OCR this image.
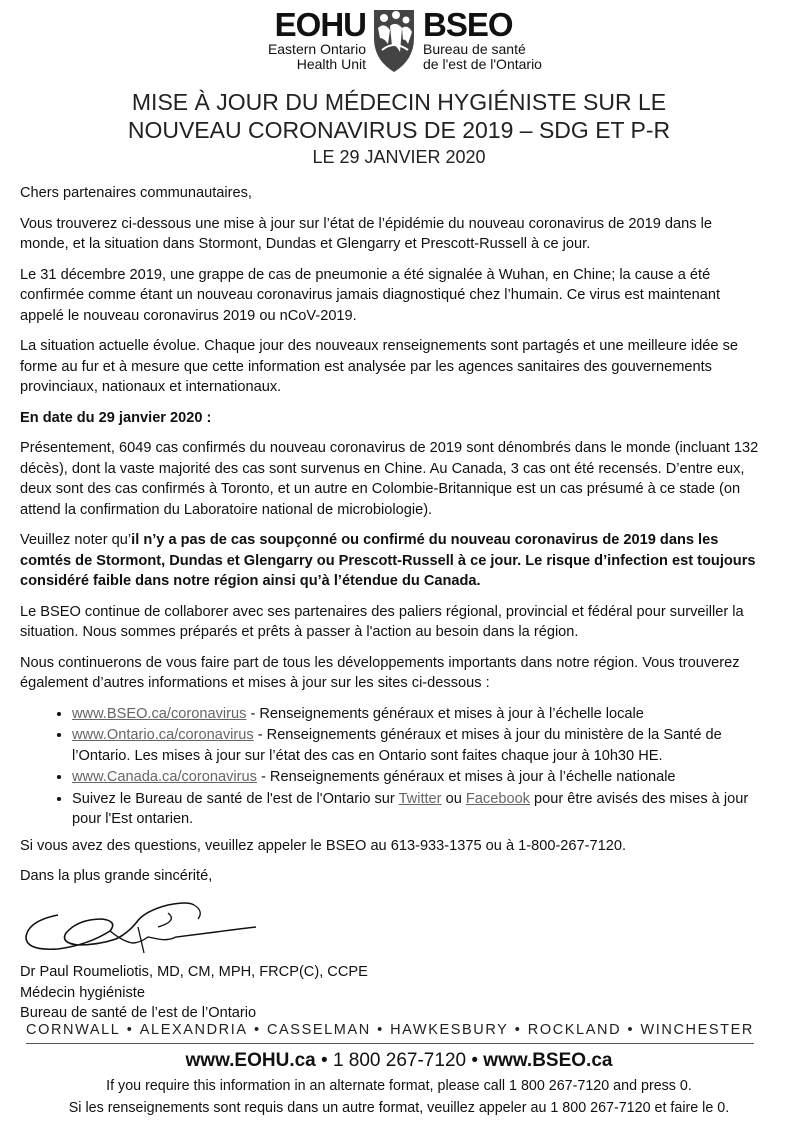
EOHU
Eastern Ontario
Health Unit
BSEO
Bureau de santé
de l'est de l'Ontario
MISE À JOUR DU MÉDECIN HYGIÉNISTE SUR LE
NOUVEAU CORONAVIRUS DE 2019 – SDG ET P-R
LE 29 JANVIER 2020

Chers partenaires communautaires,

Vous trouverez ci-dessous une mise à jour sur l’état de l’épidémie du nouveau coronavirus de 2019 dans le monde, et la situation dans Stormont, Dundas et Glengarry et Prescott-Russell à ce jour.

Le 31 décembre 2019, une grappe de cas de pneumonie a été signalée à Wuhan, en Chine; la cause a été confirmée comme étant un nouveau coronavirus jamais diagnostiqué chez l’humain. Ce virus est maintenant appelé le nouveau coronavirus 2019 ou nCoV-2019.

La situation actuelle évolue. Chaque jour des nouveaux renseignements sont partagés et une meilleure idée se forme au fur et à mesure que cette information est analysée par les agences sanitaires des gouvernements provinciaux, nationaux et internationaux.

En date du 29 janvier 2020 :

Présentement, 6049 cas confirmés du nouveau coronavirus de 2019 sont dénombrés dans le monde (incluant 132 décès), dont la vaste majorité des cas sont survenus en Chine. Au Canada, 3 cas ont été recensés. D’entre eux, deux sont des cas confirmés à Toronto, et un autre en Colombie-Britannique est un cas présumé à ce stade (on attend la confirmation du Laboratoire national de microbiologie).

Veuillez noter qu’il n’y a pas de cas soupçonné ou confirmé du nouveau coronavirus de 2019 dans les comtés de Stormont, Dundas et Glengarry ou Prescott-Russell à ce jour. Le risque d’infection est toujours considéré faible dans notre région ainsi qu’à l’étendue du Canada.

Le BSEO continue de collaborer avec ses partenaires des paliers régional, provincial et fédéral pour surveiller la situation. Nous sommes préparés et prêts à passer à l'action au besoin dans la région.

Nous continuerons de vous faire part de tous les développements importants dans notre région. Vous trouverez également d’autres informations et mises à jour sur les sites ci-dessous :

• www.BSEO.ca/coronavirus - Renseignements généraux et mises à jour à l’échelle locale
• www.Ontario.ca/coronavirus - Renseignements généraux et mises à jour du ministère de la Santé de l’Ontario. Les mises à jour sur l’état des cas en Ontario sont faites chaque jour à 10h30 HE.
• www.Canada.ca/coronavirus - Renseignements généraux et mises à jour à l’échelle nationale
• Suivez le Bureau de santé de l'est de l'Ontario sur Twitter ou Facebook pour être avisés des mises à jour pour l'Est ontarien.

Si vous avez des questions, veuillez appeler le BSEO au 613-933-1375 ou à 1-800-267-7120.

Dans la plus grande sincérité,

Dr Paul Roumeliotis, MD, CM, MPH, FRCP(C), CCPE
Médecin hygiéniste
Bureau de santé de l’est de l’Ontario
CORNWALL • ALEXANDRIA • CASSELMAN • HAWKESBURY • ROCKLAND • WINCHESTER
www.EOHU.ca • 1 800 267-7120 • www.BSEO.ca
If you require this information in an alternate format, please call 1 800 267-7120 and press 0.
Si les renseignements sont requis dans un autre format, veuillez appeler au 1 800 267-7120 et faire le 0.
